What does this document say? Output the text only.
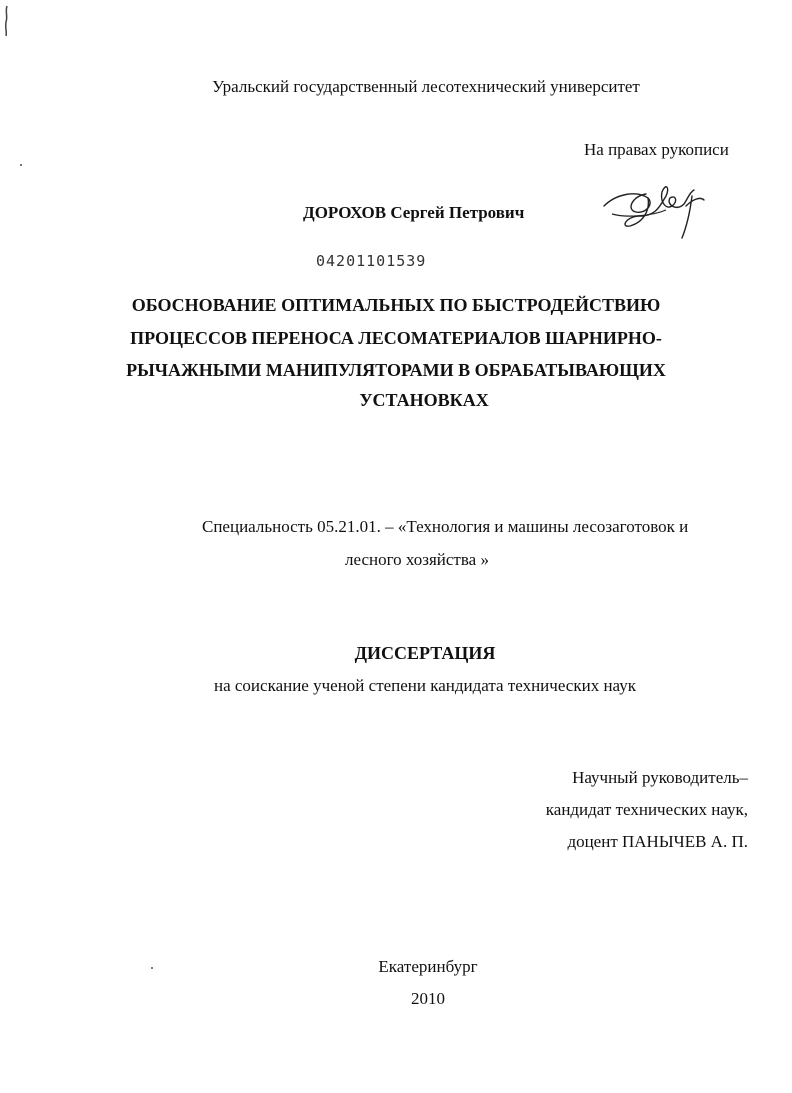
Уральский государственный лесотехнический университет
На правах рукописи
ДОРОХОВ Сергей Петрович
04201101539
ОБОСНОВАНИЕ ОПТИМАЛЬНЫХ ПО БЫСТРОДЕЙСТВИЮ
ПРОЦЕССОВ ПЕРЕНОСА ЛЕСОМАТЕРИАЛОВ ШАРНИРНО-
РЫЧАЖНЫМИ МАНИПУЛЯТОРАМИ В ОБРАБАТЫВАЮЩИХ
УСТАНОВКАХ
Специальность 05.21.01. – «Технология и машины лесозаготовок и
лесного хозяйства »
ДИССЕРТАЦИЯ
на соискание ученой степени кандидата технических наук
Научный руководитель–
кандидат технических наук,
доцент ПАНЫЧЕВ А. П.
Екатеринбург
2010
